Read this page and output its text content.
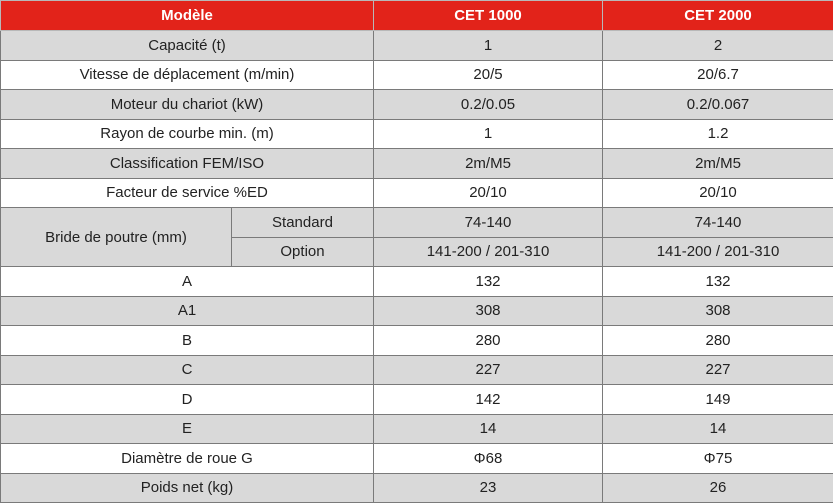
Modèle		CET 1000	CET 2000
Capacité (t)		1	2
Vitesse de déplacement (m/min)		20/5	20/6.7
Moteur du chariot (kW)		0.2/0.05	0.2/0.067
Rayon de courbe min. (m)		1	1.2
Classification FEM/ISO		2m/M5	2m/M5
Facteur de service %ED		20/10	20/10
Bride de poutre (mm)	Standard	74-140	74-140
	Option	141-200 / 201-310	141-200 / 201-310
A		132	132
A1		308	308
B		280	280
C		227	227
D		142	149
E		14	14
Diamètre de roue G		Φ68	Φ75
Poids net (kg)		23	26
